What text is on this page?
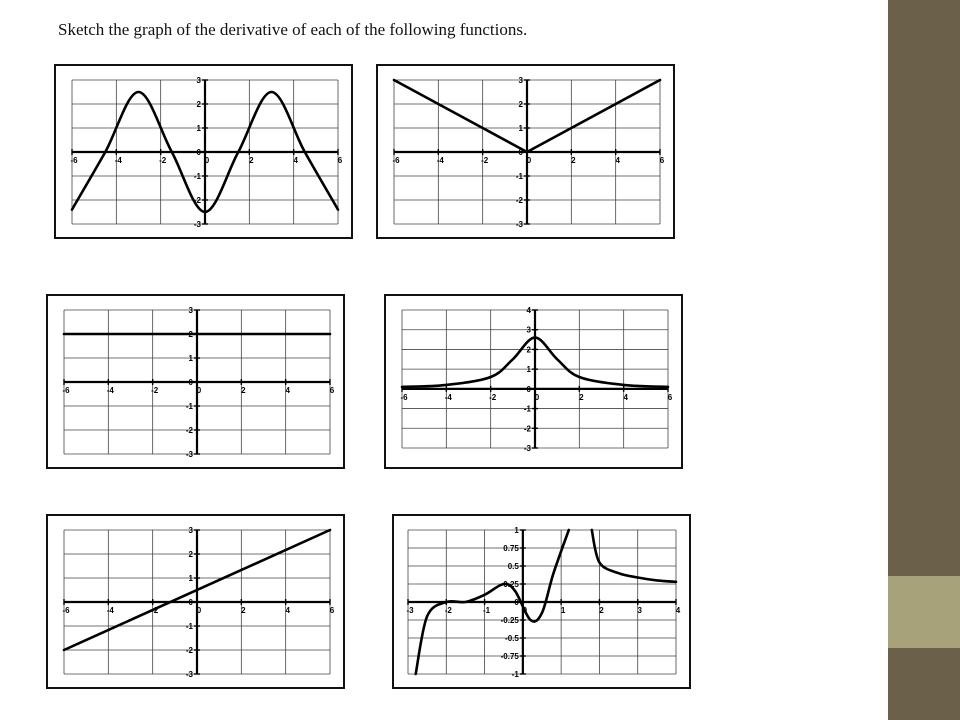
Sketch the graph of the derivative of each of the following functions.
-6	-4	-2	0	2	4	6
3
2
1
0
-1
-2
-3
-6	-4	-2	0	2	4	6
3
2
1
0
-1
-2
-3
-6	-4	-2	0	2	4	6
3
2
1
0
-1
-2
-3
-6	-4	-2	0	2	4	6
4
3
2
1
0
-1
-2
-3
-6	-4	-2	0	2	4	6
3
2
1
0
-1
-2
-3
-3	-2	-1	0	1	2	3	4
1
0.75
0.5
0.25
0
-0.25
-0.5
-0.75
-1
